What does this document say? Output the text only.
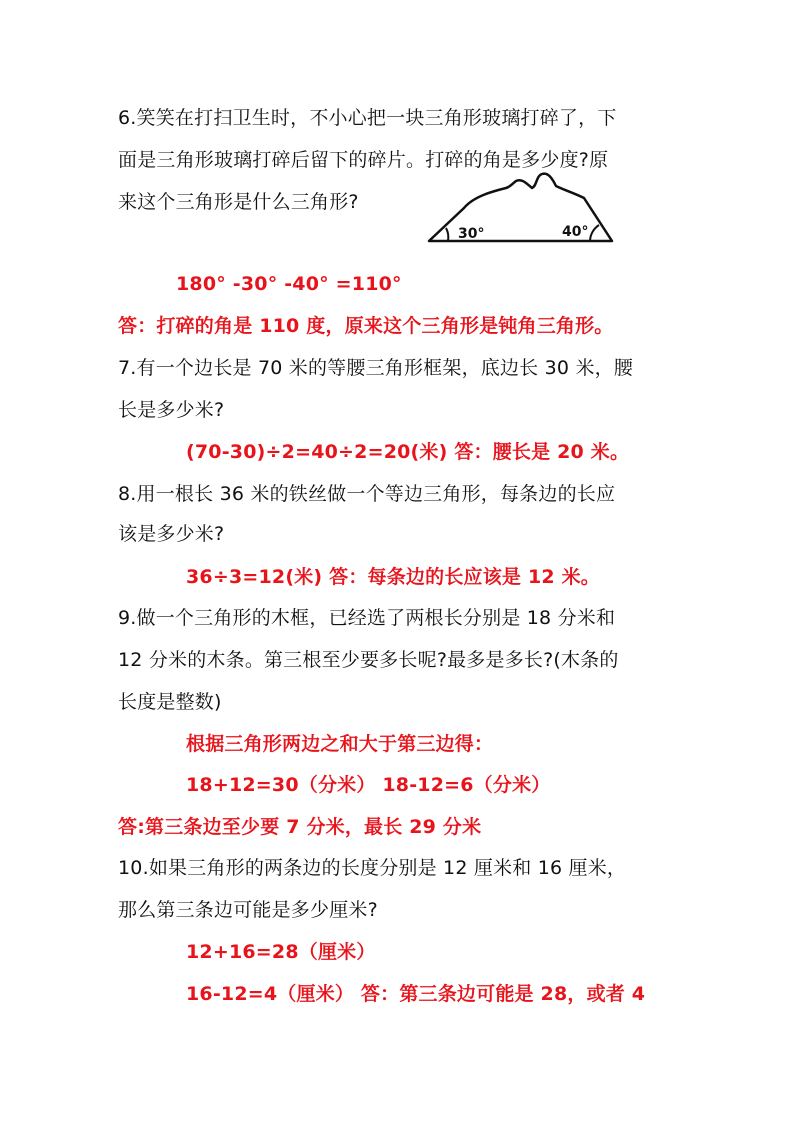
6.笑笑在打扫卫生时，不小心把一块三角形玻璃打碎了，下
面是三角形玻璃打碎后留下的碎片。打碎的角是多少度?原
来这个三角形是什么三角形?
30°	40°
180° -30° -40° =110°
答：打碎的角是 110 度，原来这个三角形是钝角三角形。
7.有一个边长是 70 米的等腰三角形框架，底边长 30 米，腰
长是多少米?
(70-30)÷2=40÷2=20(米) 答：腰长是 20 米。
8.用一根长 36 米的铁丝做一个等边三角形，每条边的长应
该是多少米?
36÷3=12(米) 答：每条边的长应该是 12 米。
9.做一个三角形的木框，已经选了两根长分别是 18 分米和
12 分米的木条。第三根至少要多长呢?最多是多长?(木条的
长度是整数)
根据三角形两边之和大于第三边得：
18+12=30（分米） 18-12=6（分米）
答:第三条边至少要 7 分米，最长 29 分米
10.如果三角形的两条边的长度分别是 12 厘米和 16 厘米，
那么第三条边可能是多少厘米?
12+16=28（厘米）
16-12=4（厘米） 答：第三条边可能是 28，或者 4
